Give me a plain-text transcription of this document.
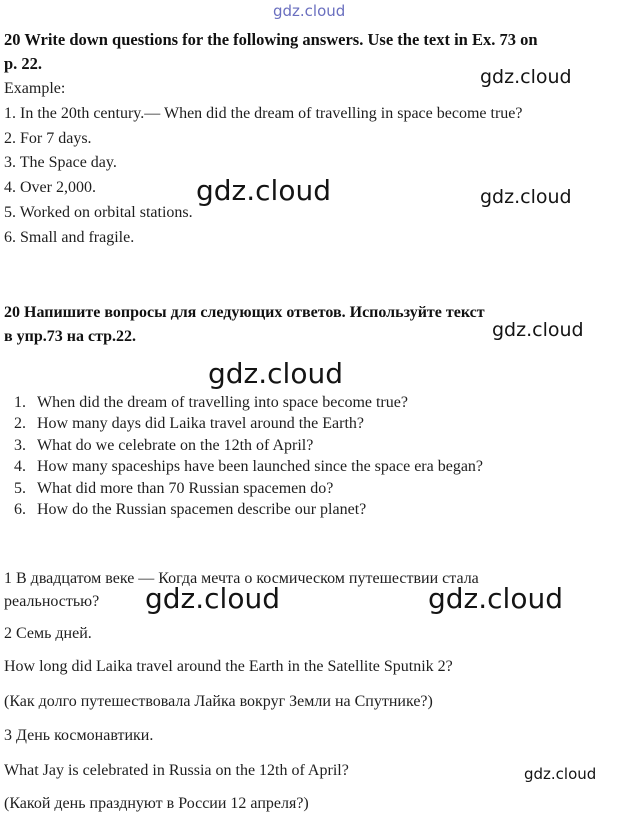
gdz.cloud
20 Write down questions for the following answers. Use the text in Ex. 73 on
p. 22.
Example:
1. In the 20th century.— When did the dream of travelling in space become true?
2. For 7 days.
3. The Space day.
4. Over 2,000.
5. Worked on orbital stations.
6. Small and fragile.
20 Напишите вопросы для следующих ответов. Используйте текст
в упр.73 на стр.22.
1. When did the dream of travelling into space become true?
2. How many days did Laika travel around the Earth?
3. What do we celebrate on the 12th of April?
4. How many spaceships have been launched since the space era began?
5. What did more than 70 Russian spacemen do?
6. How do the Russian spacemen describe our planet?
1 В двадцатом веке — Когда мечта о космическом путешествии стала
реальностью?
2 Семь дней.
How long did Laika travel around the Earth in the Satellite Sputnik 2?
(Как долго путешествовала Лайка вокруг Земли на Спутнике?)
3 День космонавтики.
What Jay is celebrated in Russia on the 12th of April?
(Какой день празднуют в России 12 апреля?)
gdz.cloud
gdz.cloud	gdz.cloud
gdz.cloud
gdz.cloud
gdz.cloud	gdz.cloud
gdz.cloud
